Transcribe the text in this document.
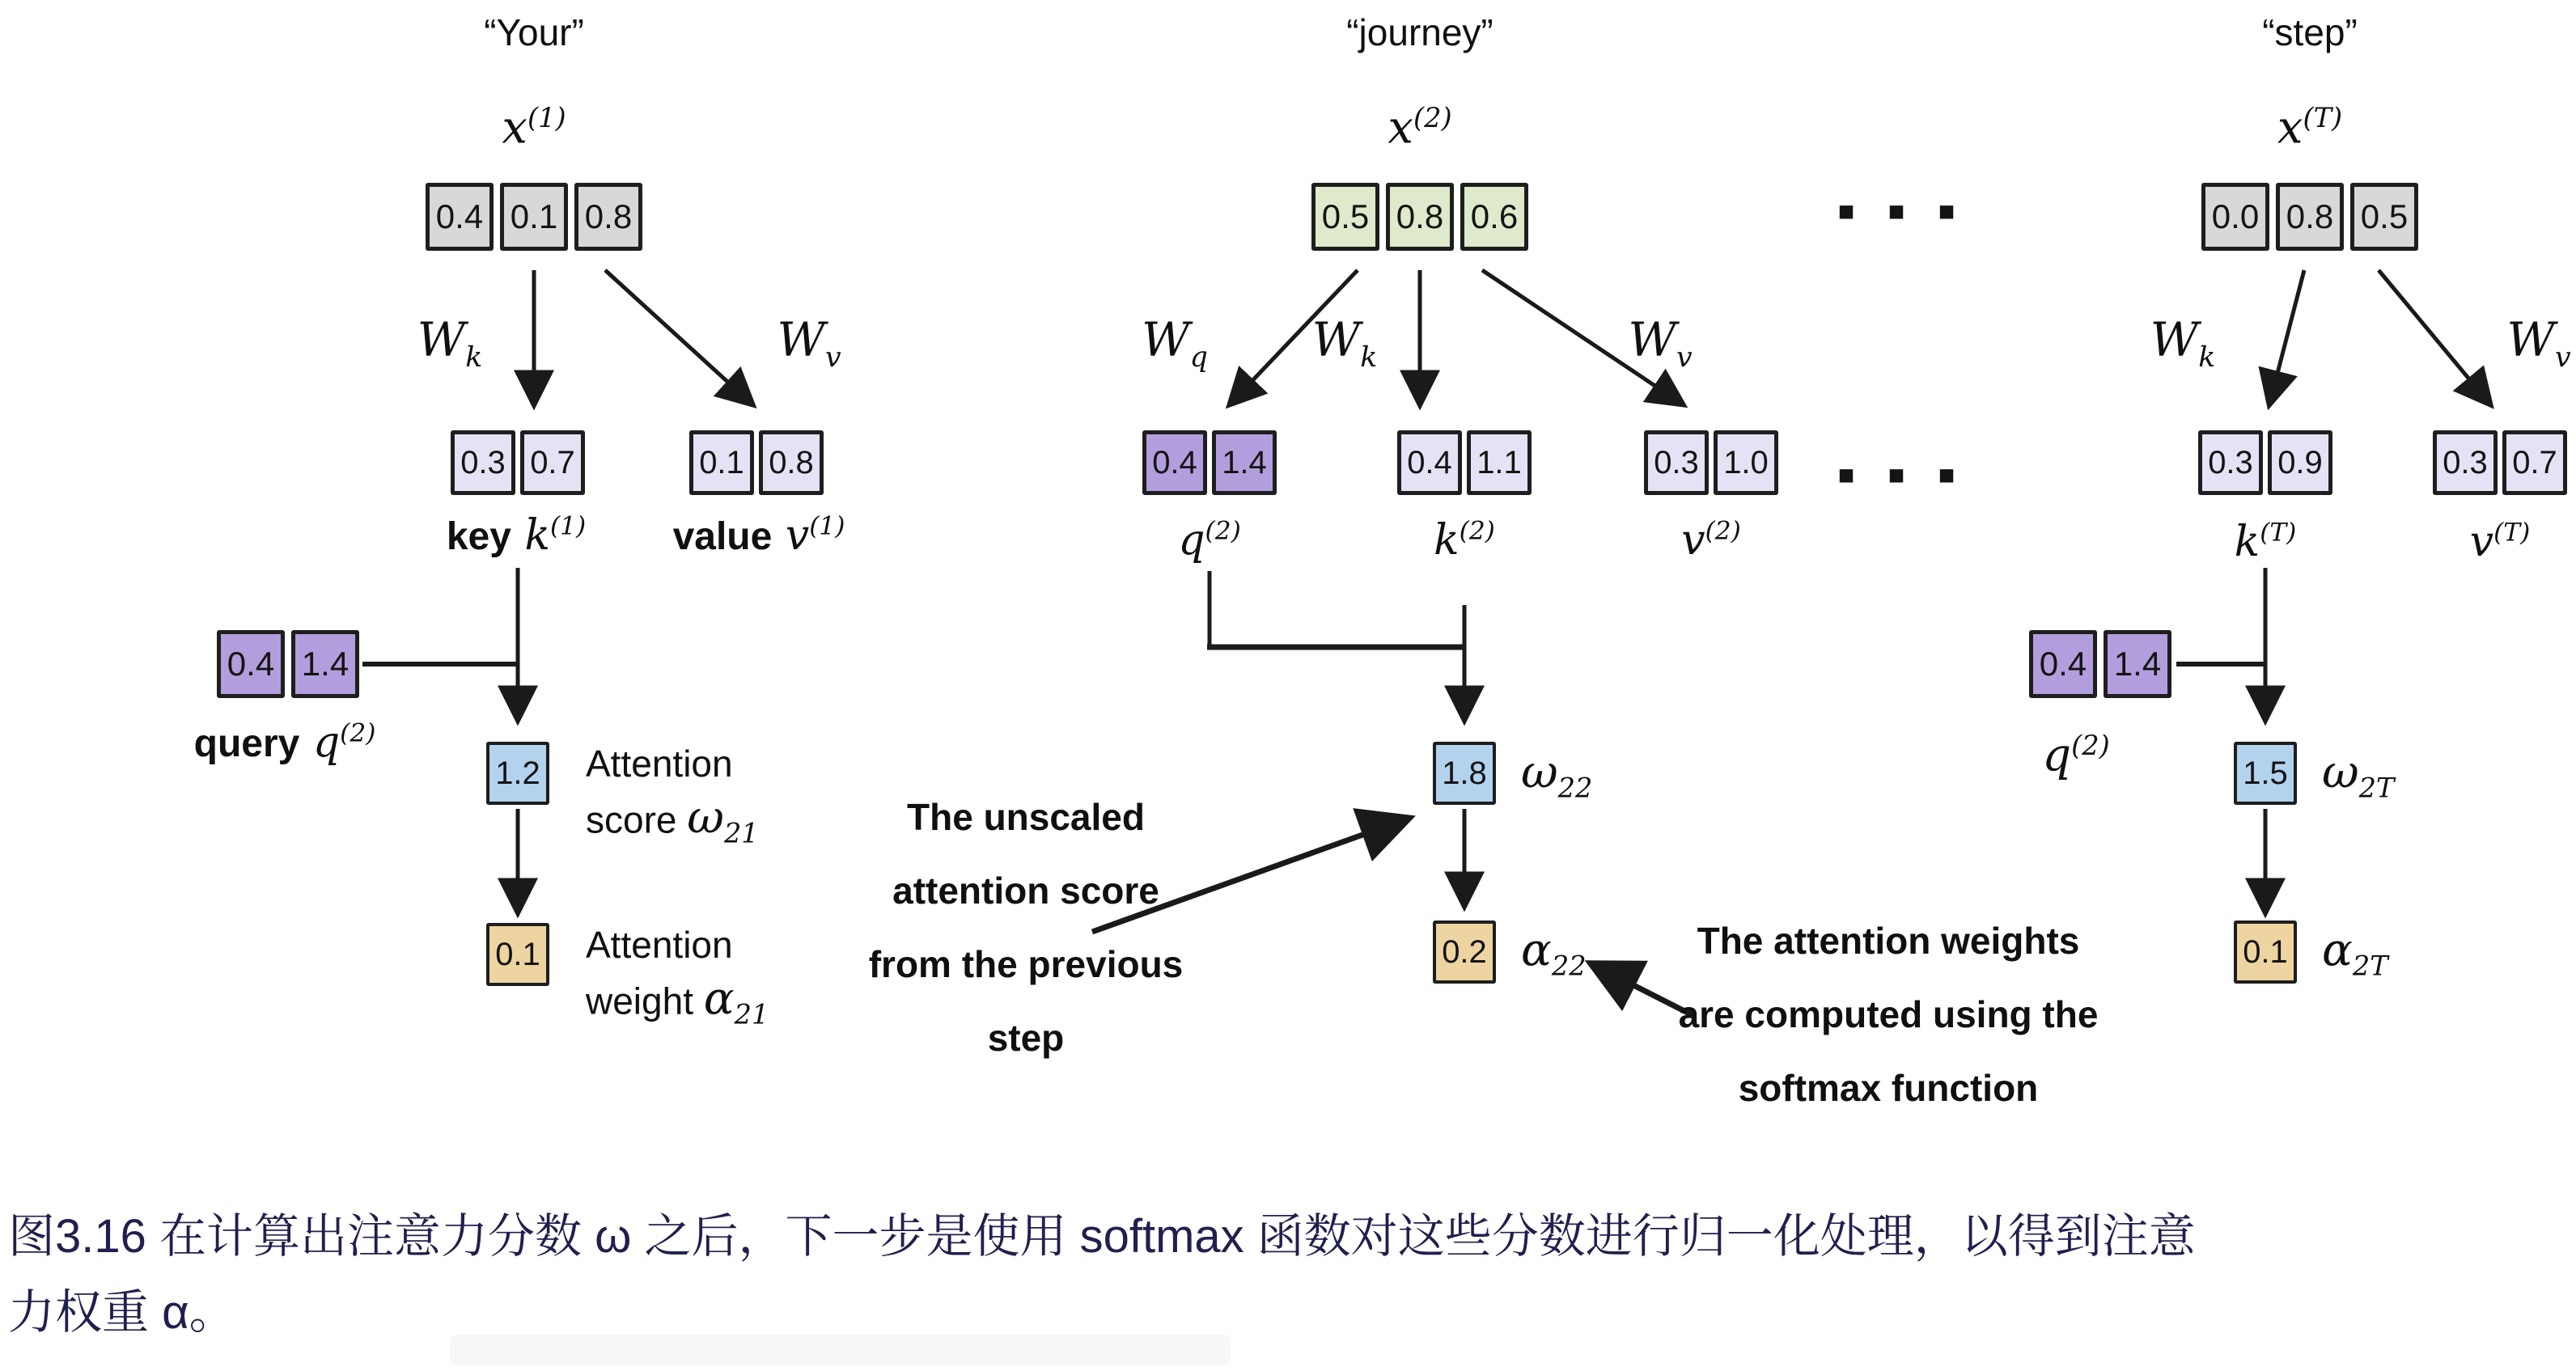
“Your”
$x^{(1)}$
0.4 0.1 0.8
$W_k$	$W_v$
0.3 0.7	0.1 0.8
key $k^{(1)}$ value $v^{(1)}$
0.4 1.4
query $q^{(2)}$
1.2 Attention
score $\omega_{21}$
0.1 Attention
weight $\alpha_{21}$
“journey”
$x^{(2)}$
0.5 0.8 0.6	■ ■ ■
$W_q$ $W_k$	$W_v$
0.4 1.4	0.4 1.1	0.3 1.0	■ ■ ■
$q^{(2)}$	$k^{(2)}$	$v^{(2)}$
1.8 $\omega_{22}$
0.2 $\alpha_{22}$
The unscaled
attention score
from the previous
step
The attention weights
are computed using the
softmax function
“step”
$x^{(T)}$
0.0 0.8 0.5
$W_k$	$W_v$
0.3 0.9	0.3 0.7
$k^{(T)}$	$v^{(T)}$
0.4 1.4
$q^{(2)}$
1.5 $\omega_{2T}$
0.1 $\alpha_{2T}$
图3.16 在计算出注意力分数 ω 之后，下一步是使用 softmax 函数对这些分数进行归一化处理，以得到注意
力权重 α。
